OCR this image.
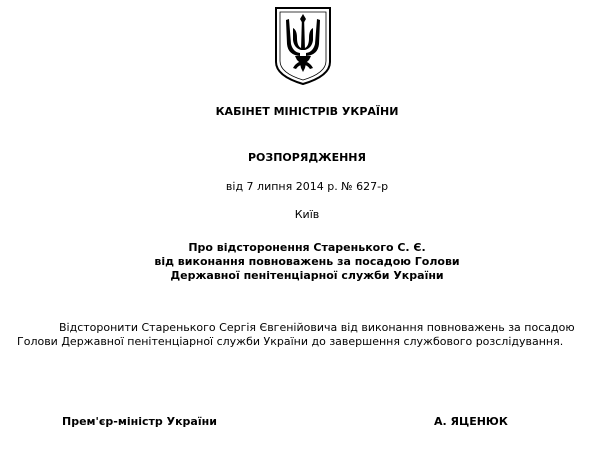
КАБІНЕТ МІНІСТРІВ УКРАЇНИ
РОЗПОРЯДЖЕННЯ
від 7 липня 2014 р. № 627-р
Київ
Про відсторонення Старенького С. Є.
від виконання повноважень за посадою Голови
Державної пенітенціарної служби України
Відсторонити Старенького Сергія Євгенійовича від виконання повноважень за посадою
Голови Державної пенітенціарної служби України до завершення службового розслідування.
Прем'єр-міністр України	А. ЯЦЕНЮК
